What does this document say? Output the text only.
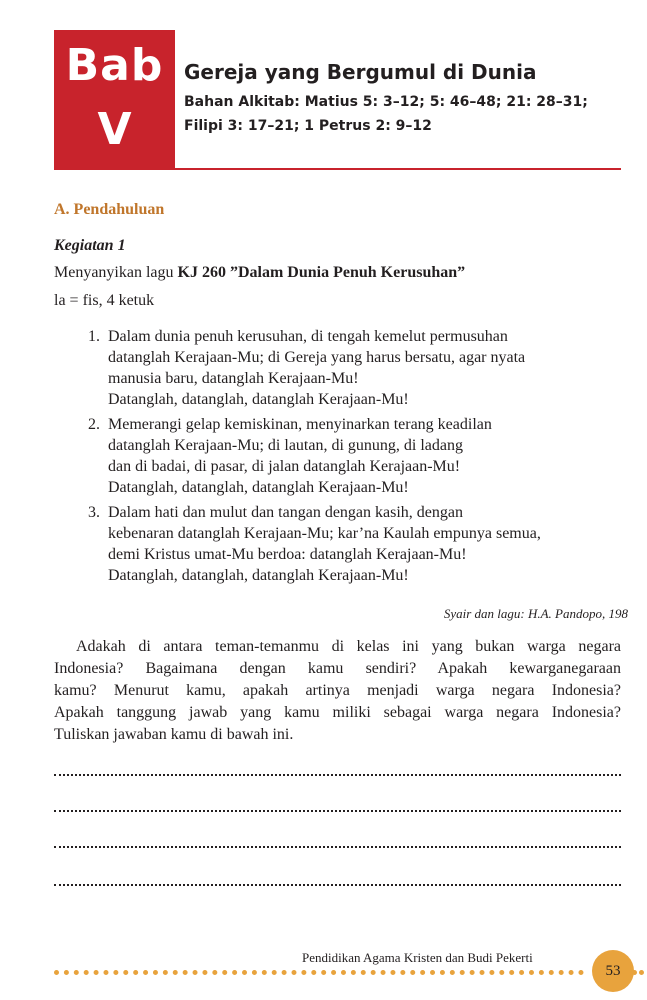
Bab
V
Gereja yang Bergumul di Dunia
Bahan Alkitab: Matius 5: 3–12; 5: 46–48; 21: 28–31;
Filipi 3: 17–21; 1 Petrus 2: 9–12
A. Pendahuluan
Kegiatan 1
Menyanyikan lagu KJ 260 ”Dalam Dunia Penuh Kerusuhan”
la = fis, 4 ketuk
1. Dalam dunia penuh kerusuhan, di tengah kemelut permusuhan
datanglah Kerajaan-Mu; di Gereja yang harus bersatu, agar nyata
manusia baru, datanglah Kerajaan-Mu!
Datanglah, datanglah, datanglah Kerajaan-Mu!
2. Memerangi gelap kemiskinan, menyinarkan terang keadilan
datanglah Kerajaan-Mu; di lautan, di gunung, di ladang
dan di badai, di pasar, di jalan datanglah Kerajaan-Mu!
Datanglah, datanglah, datanglah Kerajaan-Mu!
3. Dalam hati dan mulut dan tangan dengan kasih, dengan
kebenaran datanglah Kerajaan-Mu; kar’na Kaulah empunya semua,
demi Kristus umat-Mu berdoa: datanglah Kerajaan-Mu!
Datanglah, datanglah, datanglah Kerajaan-Mu!
Syair dan lagu: H.A. Pandopo, 198

Adakah di antara teman-temanmu di kelas ini yang bukan warga negara
Indonesia? Bagaimana dengan kamu sendiri? Apakah kewarganegaraan
kamu? Menurut kamu, apakah artinya menjadi warga negara Indonesia?
Apakah tanggung jawab yang kamu miliki sebagai warga negara Indonesia?
Tuliskan jawaban kamu di bawah ini.

Pendidikan Agama Kristen dan Budi Pekerti
53
